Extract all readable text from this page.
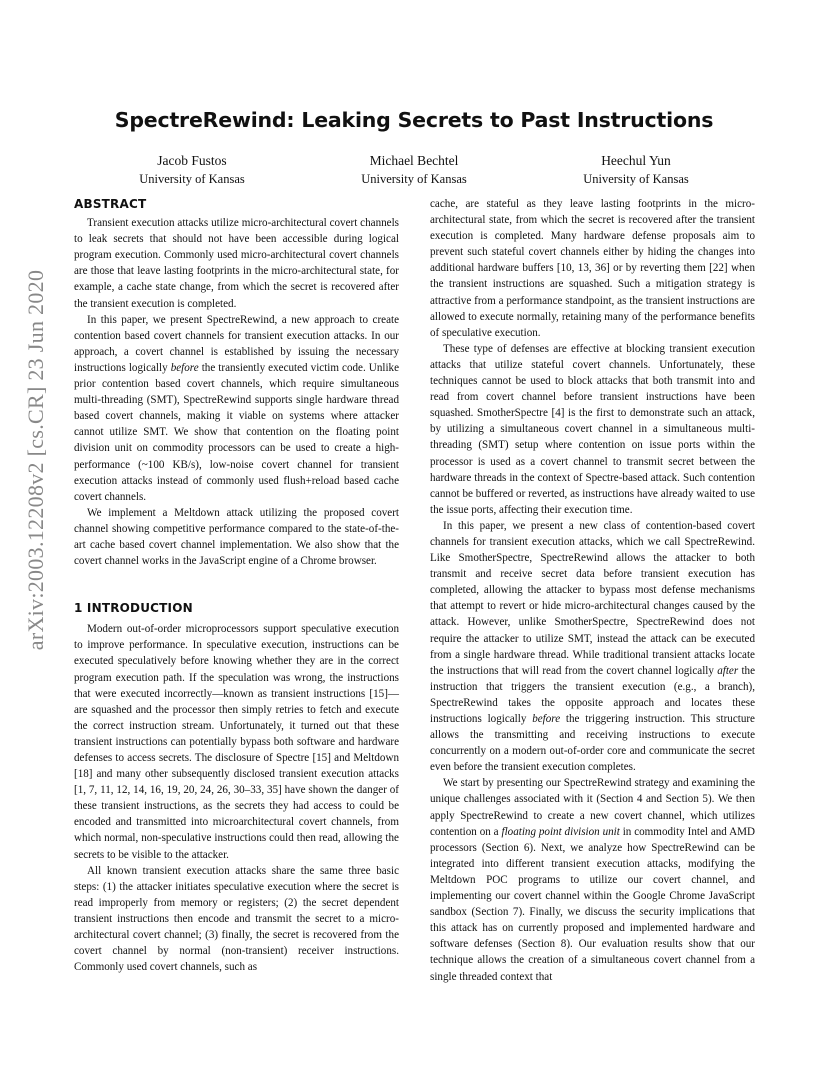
SpectreRewind: Leaking Secrets to Past Instructions
Jacob Fustos
University of Kansas
Michael Bechtel
University of Kansas
Heechul Yun
University of Kansas
arXiv:2003.12208v2 [cs.CR] 23 Jun 2020
ABSTRACT

Transient execution attacks utilize micro-architectural covert channels to leak secrets that should not have been accessible during logical program execution. Commonly used micro-architectural covert channels are those that leave lasting footprints in the micro-architectural state, for example, a cache state change, from which the secret is recovered after the transient execution is completed.

In this paper, we present SpectreRewind, a new approach to create contention based covert channels for transient execution attacks. In our approach, a covert channel is established by issuing the necessary instructions logically before the transiently executed victim code. Unlike prior contention based covert channels, which require simultaneous multi-threading (SMT), SpectreRewind supports single hardware thread based covert channels, making it viable on systems where attacker cannot utilize SMT. We show that contention on the floating point division unit on commodity processors can be used to create a high-performance (~100 KB/s), low-noise covert channel for transient execution attacks instead of commonly used flush+reload based cache covert channels.

We implement a Meltdown attack utilizing the proposed covert channel showing competitive performance compared to the state-of-the-art cache based covert channel implementation. We also show that the covert channel works in the JavaScript engine of a Chrome browser.

1 INTRODUCTION

Modern out-of-order microprocessors support speculative execution to improve performance. In speculative execution, instructions can be executed speculatively before knowing whether they are in the correct program execution path. If the speculation was wrong, the instructions that were executed incorrectly—known as transient instructions [15]—are squashed and the processor then simply retries to fetch and execute the correct instruction stream. Unfortunately, it turned out that these transient instructions can potentially bypass both software and hardware defenses to access secrets. The disclosure of Spectre [15] and Meltdown [18] and many other subsequently disclosed transient execution attacks [1, 7, 11, 12, 14, 16, 19, 20, 24, 26, 30–33, 35] have shown the danger of these transient instructions, as the secrets they had access to could be encoded and transmitted into microarchitectural covert channels, from which normal, non-speculative instructions could then read, allowing the secrets to be visible to the attacker.

All known transient execution attacks share the same three basic steps: (1) the attacker initiates speculative execution where the secret is read improperly from memory or registers; (2) the secret dependent transient instructions then encode and transmit the secret to a micro-architectural covert channel; (3) finally, the secret is recovered from the covert channel by normal (non-transient) receiver instructions. Commonly used covert channels, such as

cache, are stateful as they leave lasting footprints in the micro-architectural state, from which the secret is recovered after the transient execution is completed. Many hardware defense proposals aim to prevent such stateful covert channels either by hiding the changes into additional hardware buffers [10, 13, 36] or by reverting them [22] when the transient instructions are squashed. Such a mitigation strategy is attractive from a performance standpoint, as the transient instructions are allowed to execute normally, retaining many of the performance benefits of speculative execution.

These type of defenses are effective at blocking transient execution attacks that utilize stateful covert channels. Unfortunately, these techniques cannot be used to block attacks that both transmit into and read from covert channel before transient instructions have been squashed. SmotherSpectre [4] is the first to demonstrate such an attack, by utilizing a simultaneous covert channel in a simultaneous multi-threading (SMT) setup where contention on issue ports within the processor is used as a covert channel to transmit secret between the hardware threads in the context of Spectre-based attack. Such contention cannot be buffered or reverted, as instructions have already waited to use the issue ports, affecting their execution time.

In this paper, we present a new class of contention-based covert channels for transient execution attacks, which we call SpectreRewind. Like SmotherSpectre, SpectreRewind allows the attacker to both transmit and receive secret data before transient execution has completed, allowing the attacker to bypass most defense mechanisms that attempt to revert or hide micro-architectural changes caused by the attack. However, unlike SmotherSpectre, SpectreRewind does not require the attacker to utilize SMT, instead the attack can be executed from a single hardware thread. While traditional transient attacks locate the instructions that will read from the covert channel logically after the instruction that triggers the transient execution (e.g., a branch), SpectreRewind takes the opposite approach and locates these instructions logically before the triggering instruction. This structure allows the transmitting and receiving instructions to execute concurrently on a modern out-of-order core and communicate the secret even before the transient execution completes.

We start by presenting our SpectreRewind strategy and examining the unique challenges associated with it (Section 4 and Section 5). We then apply SpectreRewind to create a new covert channel, which utilizes contention on a floating point division unit in commodity Intel and AMD processors (Section 6). Next, we analyze how SpectreRewind can be integrated into different transient execution attacks, modifying the Meltdown POC programs to utilize our covert channel, and implementing our covert channel within the Google Chrome JavaScript sandbox (Section 7). Finally, we discuss the security implications that this attack has on currently proposed and implemented hardware and software defenses (Section 8). Our evaluation results show that our technique allows the creation of a simultaneous covert channel from a single threaded context that
